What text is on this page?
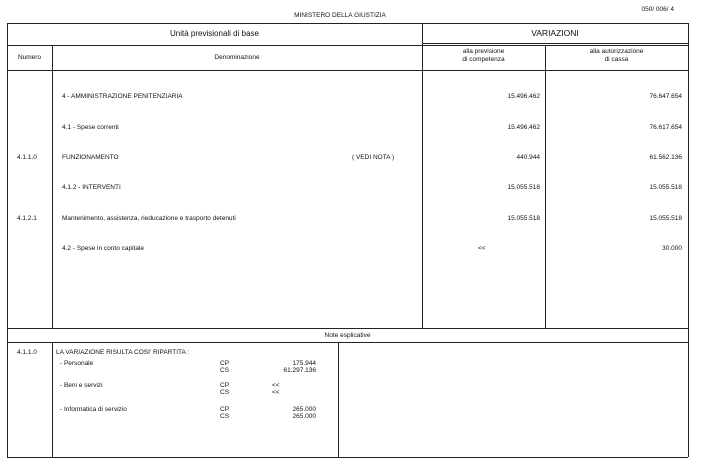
MINISTERO DELLA GIUSTIZIA
050/ 006/ 4
Unità previsionali di base	VARIAZIONI
Numero	Denominazione
alla previsione
di competenza
alla autorizzazione
di cassa
4 - AMMINISTRAZIONE PENITENZIARIA	15.496.462	76.647.654
4.1 - Spese correnti	15.496.462	76.617.654
4.1.1.0	FUNZIONAMENTO	( VEDI NOTA )	440.944	61.562.136
4.1.2 - INTERVENTI	15.055.518	15.055.518
4.1.2.1	Mantenimento, assistenza, rieducazione e trasporto detenuti	15.055.518	15.055.518
4.2 - Spese in conto capitale	<<	30.000
Note esplicative
4.1.1.0	LA VARIAZIONE RISULTA COSI' RIPARTITA :
- Personale	CP	175.944
CS	61.297.136
- Beni e servizi	CP	<<
CS	<<
- Informatica di servizio	CP	265.000
CS	265.000
